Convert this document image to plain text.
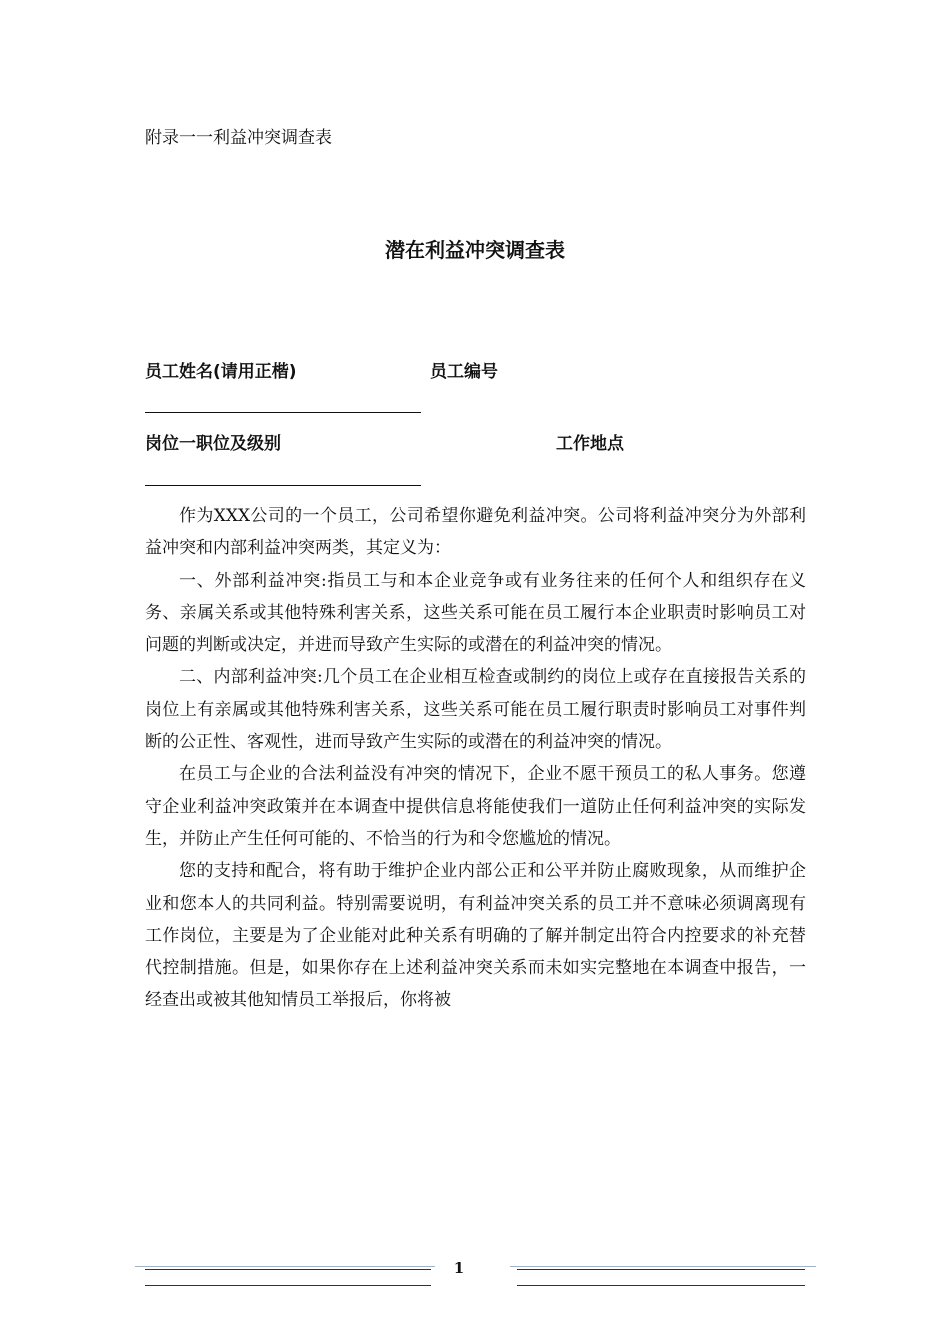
附录一一利益冲突调查表
潜在利益冲突调查表
员工姓名(请用正楷)	员工编号
岗位一职位及级别	工作地点

作为XXX公司的一个员工，公司希望你避免利益冲突。公司将利益冲突分为外部利益冲突和内部利益冲突两类，其定义为：

一、外部利益冲突:指员工与和本企业竞争或有业务往来的任何个人和组织存在义务、亲属关系或其他特殊利害关系，这些关系可能在员工履行本企业职责时影响员工对问题的判断或决定，并进而导致产生实际的或潜在的利益冲突的情况。

二、内部利益冲突:几个员工在企业相互检查或制约的岗位上或存在直接报告关系的岗位上有亲属或其他特殊利害关系，这些关系可能在员工履行职责时影响员工对事件判断的公正性、客观性，进而导致产生实际的或潜在的利益冲突的情况。

在员工与企业的合法利益没有冲突的情况下，企业不愿干预员工的私人事务。您遵守企业利益冲突政策并在本调查中提供信息将能使我们一道防止任何利益冲突的实际发生，并防止产生任何可能的、不恰当的行为和令您尴尬的情况。

您的支持和配合，将有助于维护企业内部公正和公平并防止腐败现象，从而维护企业和您本人的共同利益。特别需要说明，有利益冲突关系的员工并不意味必须调离现有工作岗位，主要是为了企业能对此种关系有明确的了解并制定出符合内控要求的补充替代控制措施。但是，如果你存在上述利益冲突关系而未如实完整地在本调查中报告，一经查出或被其他知情员工举报后，你将被

1
